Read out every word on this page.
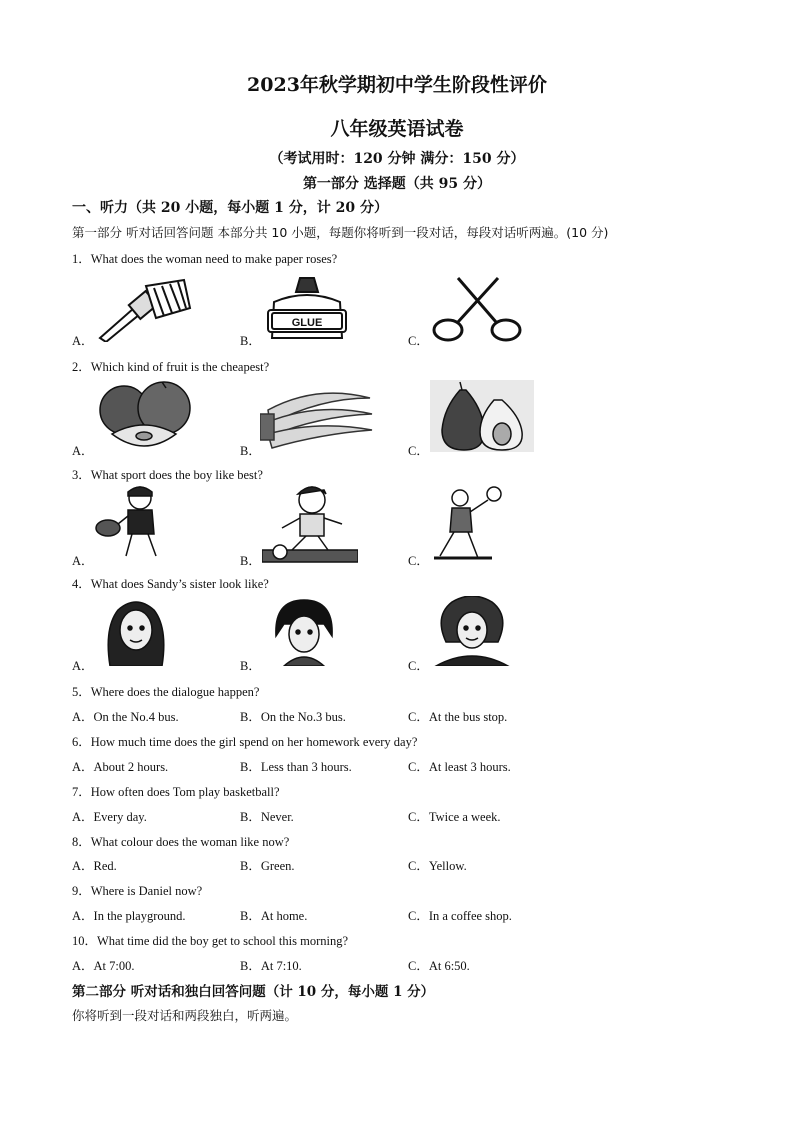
2023年秋学期初中学生阶段性评价
八年级英语试卷
（考试用时：120 分钟 满分：150 分）
第一部分 选择题（共 95 分）
一、听力（共 20 小题，每小题 1 分，计 20 分）
第一部分 听对话回答问题 本部分共 10 小题，每题你将听到一段对话，每段对话听两遍。(10 分)
1．What does the woman need to make paper roses?
A．	B．	C．
GLUE
2．Which kind of fruit is the cheapest?
A．	B．	C．
3．What sport does the boy like best?
A．	B．	C．
4．What does Sandy’s sister look like?
A．	B．	C．
5．Where does the dialogue happen?
A．On the No.4 bus.	B．On the No.3 bus.	C．At the bus stop.
6．How much time does the girl spend on her homework every day?
A．About 2 hours.	B．Less than 3 hours.	C．At least 3 hours.
7．How often does Tom play basketball?
A．Every day.	B．Never.	C．Twice a week.
8．What colour does the woman like now?
A．Red.	B．Green.	C．Yellow.
9．Where is Daniel now?
A．In the playground.	B．At home.	C．In a coffee shop.
10．What time did the boy get to school this morning?
A．At 7:00.	B．At 7:10.	C．At 6:50.
第二部分 听对话和独白回答问题（计 10 分，每小题 1 分）
你将听到一段对话和两段独白，听两遍。
